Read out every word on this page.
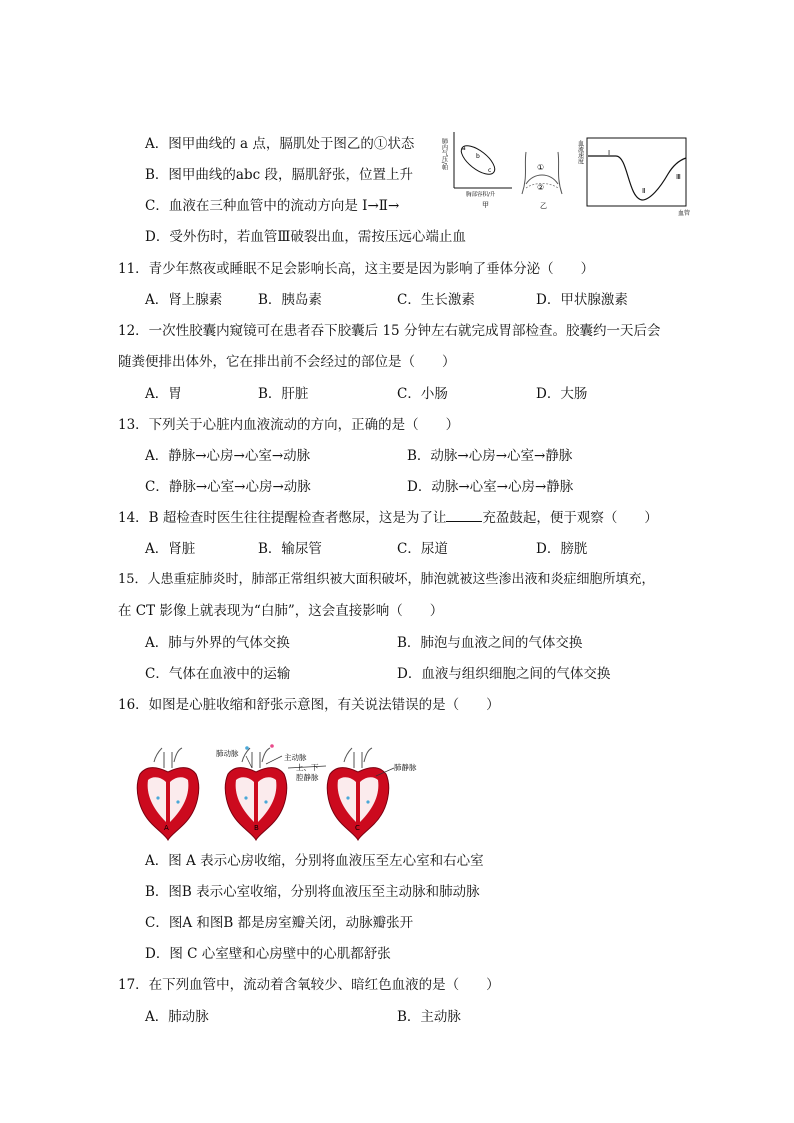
A．图甲曲线的 a 点，膈肌处于图乙的①状态
B．图甲曲线的abc 段，膈肌舒张，位置上升
C．血液在三种血管中的流动方向是 Ⅰ→Ⅱ→
D．受外伤时，若血管Ⅲ破裂出血，需按压远心端止血
肺内气压/帕 a
b
c
胸部容积/升
甲
①
②
乙
血流速度	Ⅰ
Ⅱ
Ⅲ
血管
11．青少年熬夜或睡眠不足会影响长高，这主要是因为影响了垂体分泌（　　）
A．肾上腺素	B．胰岛素	C．生长激素	D．甲状腺激素
12．一次性胶囊内窥镜可在患者吞下胶囊后 15 分钟左右就完成胃部检查。胶囊约一天后会
随粪便排出体外，它在排出前不会经过的部位是（　　）
A．胃	B．肝脏	C．小肠	D．大肠
13．下列关于心脏内血液流动的方向，正确的是（　　）
A．静脉→心房→心室→动脉	B．动脉→心房→心室→静脉
C．静脉→心室→心房→动脉	D．动脉→心室→心房→静脉
14．B 超检查时医生往往提醒检查者憋尿，这是为了让	充盈鼓起，便于观察（　　）
A．肾脏	B．输尿管	C．尿道	D．膀胱
15．人患重症肺炎时，肺部正常组织被大面积破坏，肺泡就被这些渗出液和炎症细胞所填充，
在 CT 影像上就表现为“白肺”，这会直接影响（　　）
A．肺与外界的气体交换	B．肺泡与血液之间的气体交换
C．气体在血液中的运输	D．血液与组织细胞之间的气体交换
16．如图是心脏收缩和舒张示意图，有关说法错误的是（　　）
肺动脉	主动脉
上、下
腔静脉
肺静脉
A	B	C
A．图 A 表示心房收缩，分别将血液压至左心室和右心室
B．图B 表示心室收缩，分别将血液压至主动脉和肺动脉
C．图A 和图B 都是房室瓣关闭，动脉瓣张开
D．图 C 心室壁和心房壁中的心肌都舒张
17．在下列血管中，流动着含氧较少、暗红色血液的是（　　）
A．肺动脉	B．主动脉
